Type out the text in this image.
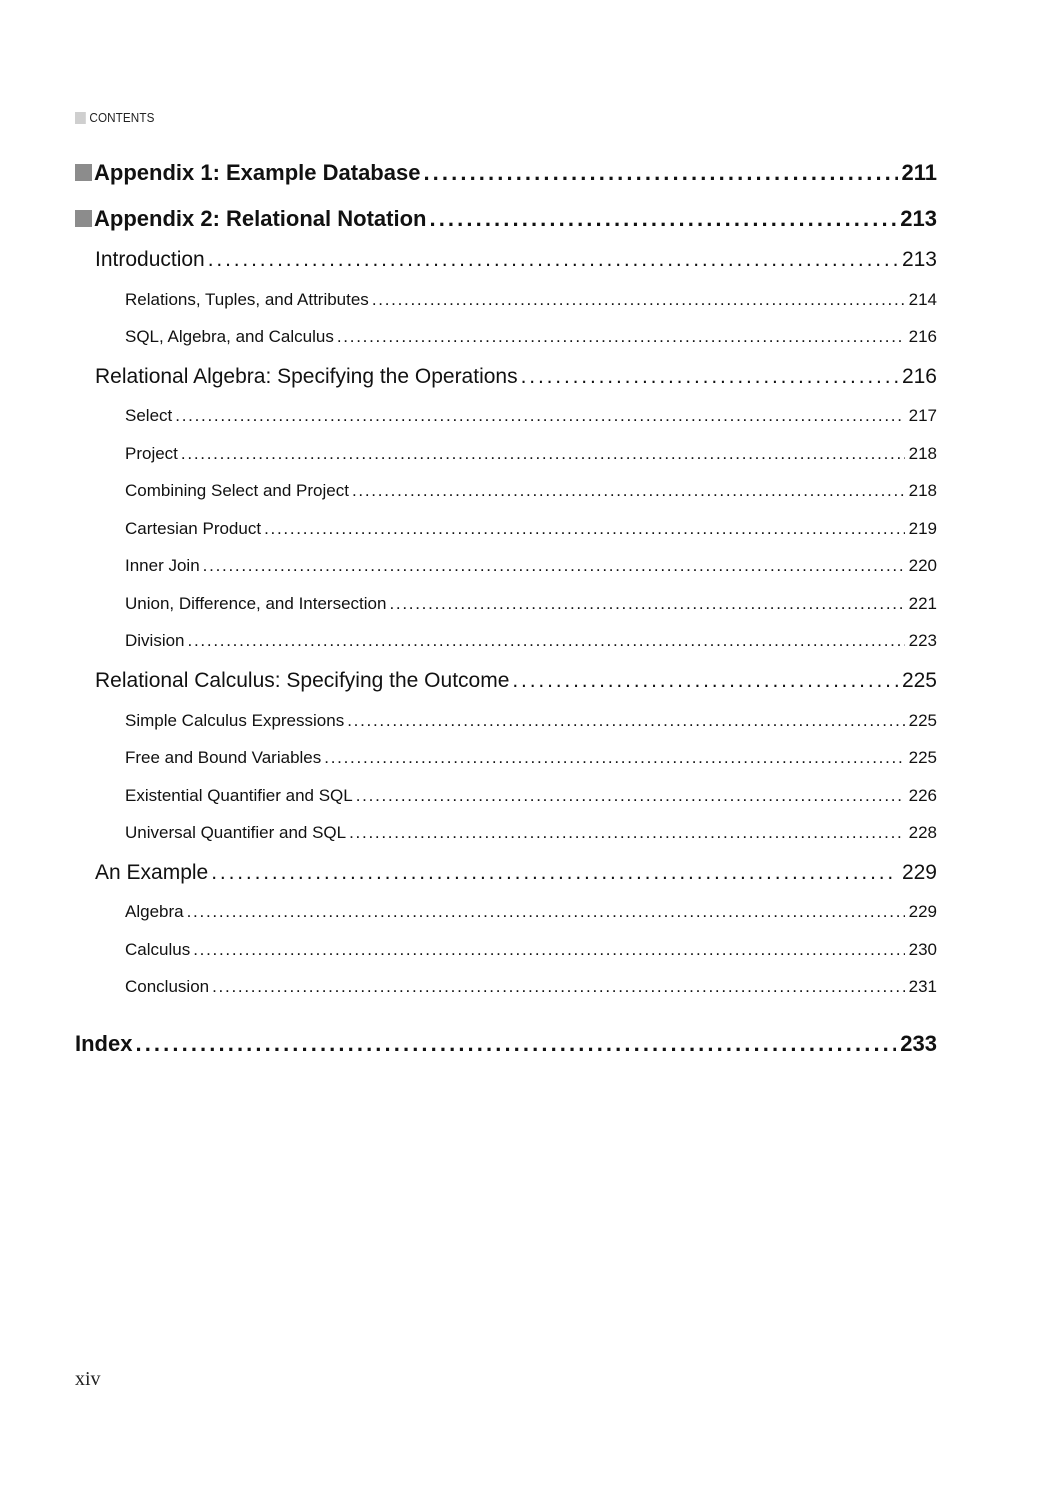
CONTENTS
Appendix 1: Example Database . . .	211
Appendix 2: Relational Notation . . .	213
Introduction . . .	213
Relations, Tuples, and Attributes . . .	214
SQL, Algebra, and Calculus . . .	216
Relational Algebra: Specifying the Operations . . .	216
Select . . .	217
Project . . .	218
Combining Select and Project . . .	218
Cartesian Product . . .	219
Inner Join . . .	220
Union, Difference, and Intersection . . .	221
Division . . .	223
Relational Calculus: Specifying the Outcome . . .	225
Simple Calculus Expressions . . .	225
Free and Bound Variables . . .	225
Existential Quantifier and SQL . . .	226
Universal Quantifier and SQL . . .	228
An Example . . .	229
Algebra . . .	229
Calculus . . .	230
Conclusion . . .	231
Index . . .	233
xiv
